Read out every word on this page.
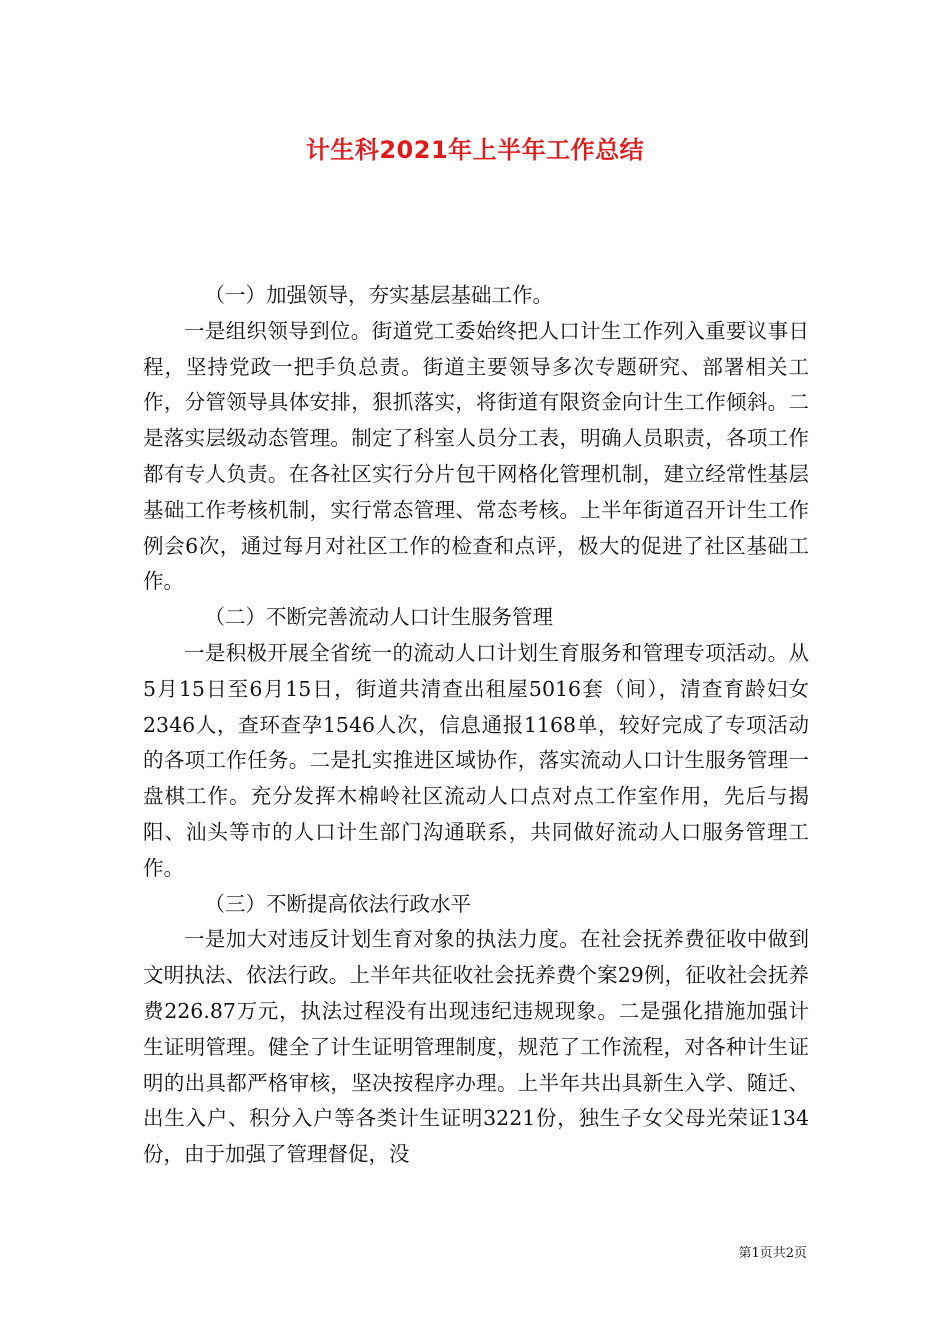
计生科2021年上半年工作总结

（一）加强领导，夯实基层基础工作。

一是组织领导到位。街道党工委始终把人口计生工作列入重要议事日程，坚持党政一把手负总责。街道主要领导多次专题研究、部署相关工作，分管领导具体安排，狠抓落实，将街道有限资金向计生工作倾斜。二是落实层级动态管理。制定了科室人员分工表，明确人员职责，各项工作都有专人负责。在各社区实行分片包干网格化管理机制，建立经常性基层基础工作考核机制，实行常态管理、常态考核。上半年街道召开计生工作例会6次，通过每月对社区工作的检查和点评，极大的促进了社区基础工作。

（二）不断完善流动人口计生服务管理

一是积极开展全省统一的流动人口计划生育服务和管理专项活动。从5月15日至6月15日，街道共清查出租屋5016套（间），清查育龄妇女2346人，查环查孕1546人次，信息通报1168单，较好完成了专项活动的各项工作任务。二是扎实推进区域协作，落实流动人口计生服务管理一盘棋工作。充分发挥木棉岭社区流动人口点对点工作室作用，先后与揭阳、汕头等市的人口计生部门沟通联系，共同做好流动人口服务管理工作。

（三）不断提高依法行政水平

一是加大对违反计划生育对象的执法力度。在社会抚养费征收中做到文明执法、依法行政。上半年共征收社会抚养费个案29例，征收社会抚养费226.87万元，执法过程没有出现违纪违规现象。二是强化措施加强计生证明管理。健全了计生证明管理制度，规范了工作流程，对各种计生证明的出具都严格审核，坚决按程序办理。上半年共出具新生入学、随迁、出生入户、积分入户等各类计生证明3221份，独生子女父母光荣证134份，由于加强了管理督促，没

第1页共2页
